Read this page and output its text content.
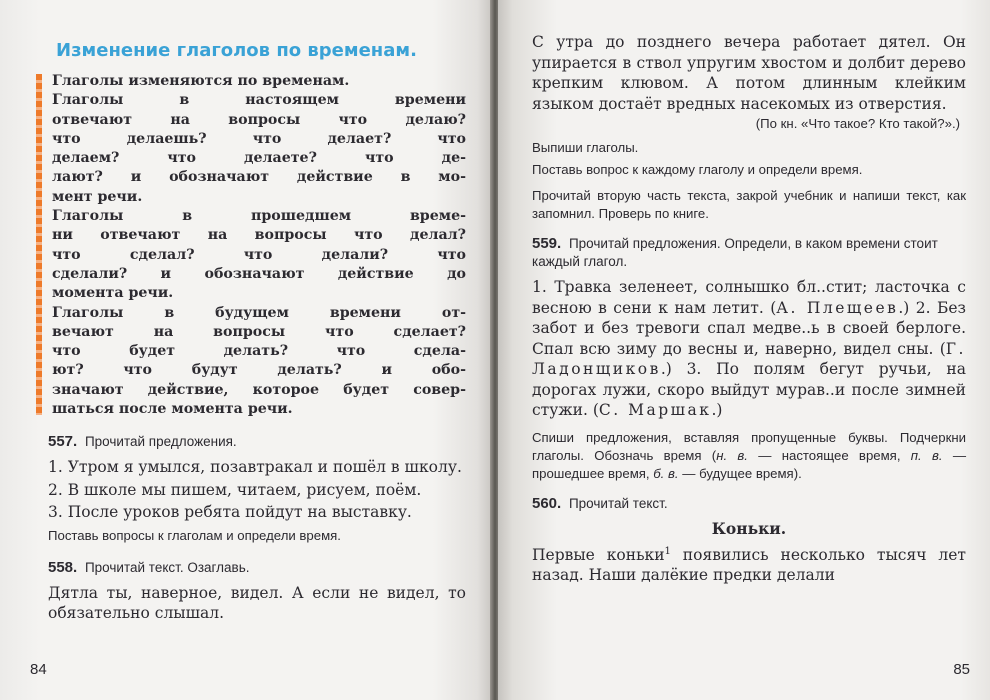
Изменение глаголов по временам.

Глаголы изменяются по временам.

Глаголы в настоящем времени

отвечают на вопросы что делаю?

что делаешь? что делает? что

делаем? что делаете? что де-

лают? и обозначают действие в мо-

мент речи.

Глаголы в прошедшем време-

ни отвечают на вопросы что делал?

что сделал? что делали? что

сделали? и обозначают действие до

момента речи.

Глаголы в будущем времени от-

вечают на вопросы что сделает?

что будет делать? что сдела-

ют? что будут делать? и обо-

значают действие, которое будет совер-

шаться после момента речи.

557. Прочитай предложения.

1. Утром я умылся, позавтракал и пошёл в школу.

2. В школе мы пишем, читаем, рисуем, поём.

3. После уроков ребята пойдут на выставку.

Поставь вопросы к глаголам и определи время.

558. Прочитай текст. Озаглавь.

Дятла ты, наверное, видел. А если не видел, то обязательно слышал.

84

С утра до позднего вечера работает дятел. Он упирается в ствол упругим хвостом и долбит дерево крепким клювом. А потом длинным клейким языком достаёт вредных насекомых из отверстия.

(По кн. «Что такое? Кто такой?».)

Выпиши глаголы.

Поставь вопрос к каждому глаголу и определи время.

Прочитай вторую часть текста, закрой учебник и напиши текст, как запомнил. Проверь по книге.

559. Прочитай предложения. Определи, в каком времени стоит каждый глагол.

1. Травка зеленеет, солнышко бл..стит; ласточка с весною в сени к нам летит. (А. Плещеев.) 2. Без забот и без тревоги спал медве..ь в своей берлоге. Спал всю зиму до весны и, наверно, видел сны. (Г. Ладонщиков.) 3. По полям бегут ручьи, на дорогах лужи, скоро выйдут мурав..и после зимней стужи. (С. Маршак.)

Спиши предложения, вставляя пропущенные буквы. Подчеркни глаголы. Обозначь время (н. в. — настоящее время, п. в. — прошедшее время, б. в. — будущее время).

560. Прочитай текст.
Коньки.

Первые коньки$^1$ появились несколько тысяч лет назад. Наши далёкие предки делали

85
